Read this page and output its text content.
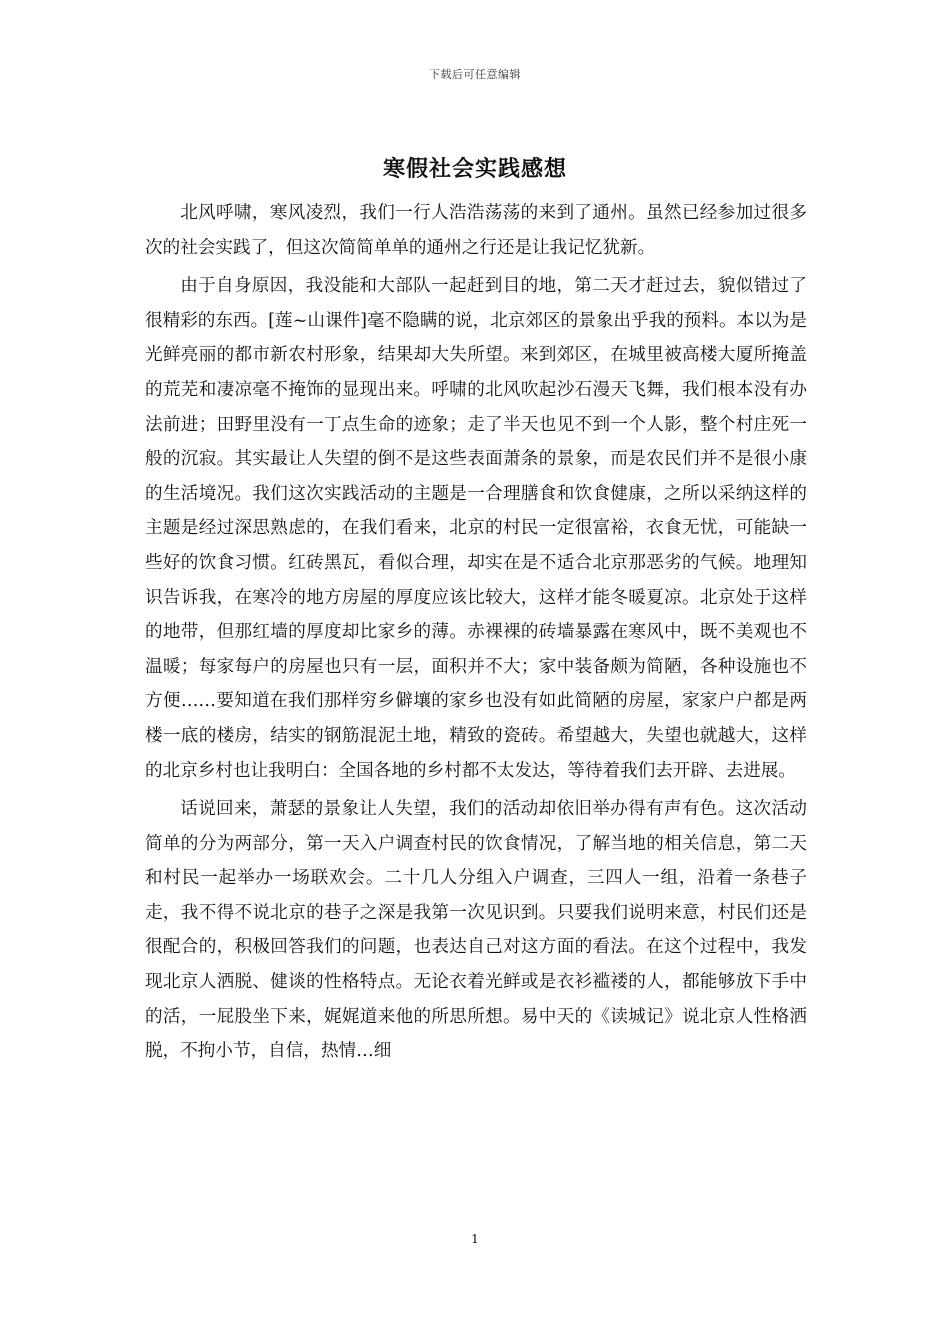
下载后可任意编辑
寒假社会实践感想

北风呼啸，寒风凌烈，我们一行人浩浩荡荡的来到了通州。虽然已经参加过很多次的社会实践了，但这次简简单单的通州之行还是让我记忆犹新。

由于自身原因，我没能和大部队一起赶到目的地，第二天才赶过去，貌似错过了很精彩的东西。[莲~山课件]毫不隐瞒的说，北京郊区的景象出乎我的预料。本以为是光鲜亮丽的都市新农村形象，结果却大失所望。来到郊区，在城里被高楼大厦所掩盖的荒芜和凄凉毫不掩饰的显现出来。呼啸的北风吹起沙石漫天飞舞，我们根本没有办法前进；田野里没有一丁点生命的迹象；走了半天也见不到一个人影，整个村庄死一般的沉寂。其实最让人失望的倒不是这些表面萧条的景象，而是农民们并不是很小康的生活境况。我们这次实践活动的主题是一合理膳食和饮食健康，之所以采纳这样的主题是经过深思熟虑的，在我们看来，北京的村民一定很富裕，衣食无忧，可能缺一些好的饮食习惯。红砖黑瓦，看似合理，却实在是不适合北京那恶劣的气候。地理知识告诉我，在寒冷的地方房屋的厚度应该比较大，这样才能冬暖夏凉。北京处于这样的地带，但那红墙的厚度却比家乡的薄。赤裸裸的砖墙暴露在寒风中，既不美观也不温暖；每家每户的房屋也只有一层，面积并不大；家中装备颇为简陋，各种设施也不方便……要知道在我们那样穷乡僻壤的家乡也没有如此简陋的房屋，家家户户都是两楼一底的楼房，结实的钢筋混泥土地，精致的瓷砖。希望越大，失望也就越大，这样的北京乡村也让我明白：全国各地的乡村都不太发达，等待着我们去开辟、去进展。

话说回来，萧瑟的景象让人失望，我们的活动却依旧举办得有声有色。这次活动简单的分为两部分，第一天入户调查村民的饮食情况，了解当地的相关信息，第二天和村民一起举办一场联欢会。二十几人分组入户调查，三四人一组，沿着一条巷子走，我不得不说北京的巷子之深是我第一次见识到。只要我们说明来意，村民们还是很配合的，积极回答我们的问题，也表达自己对这方面的看法。在这个过程中，我发现北京人洒脱、健谈的性格特点。无论衣着光鲜或是衣衫褴褛的人，都能够放下手中的活，一屁股坐下来，娓娓道来他的所思所想。易中天的《读城记》说北京人性格洒脱，不拘小节，自信，热情…细

1
